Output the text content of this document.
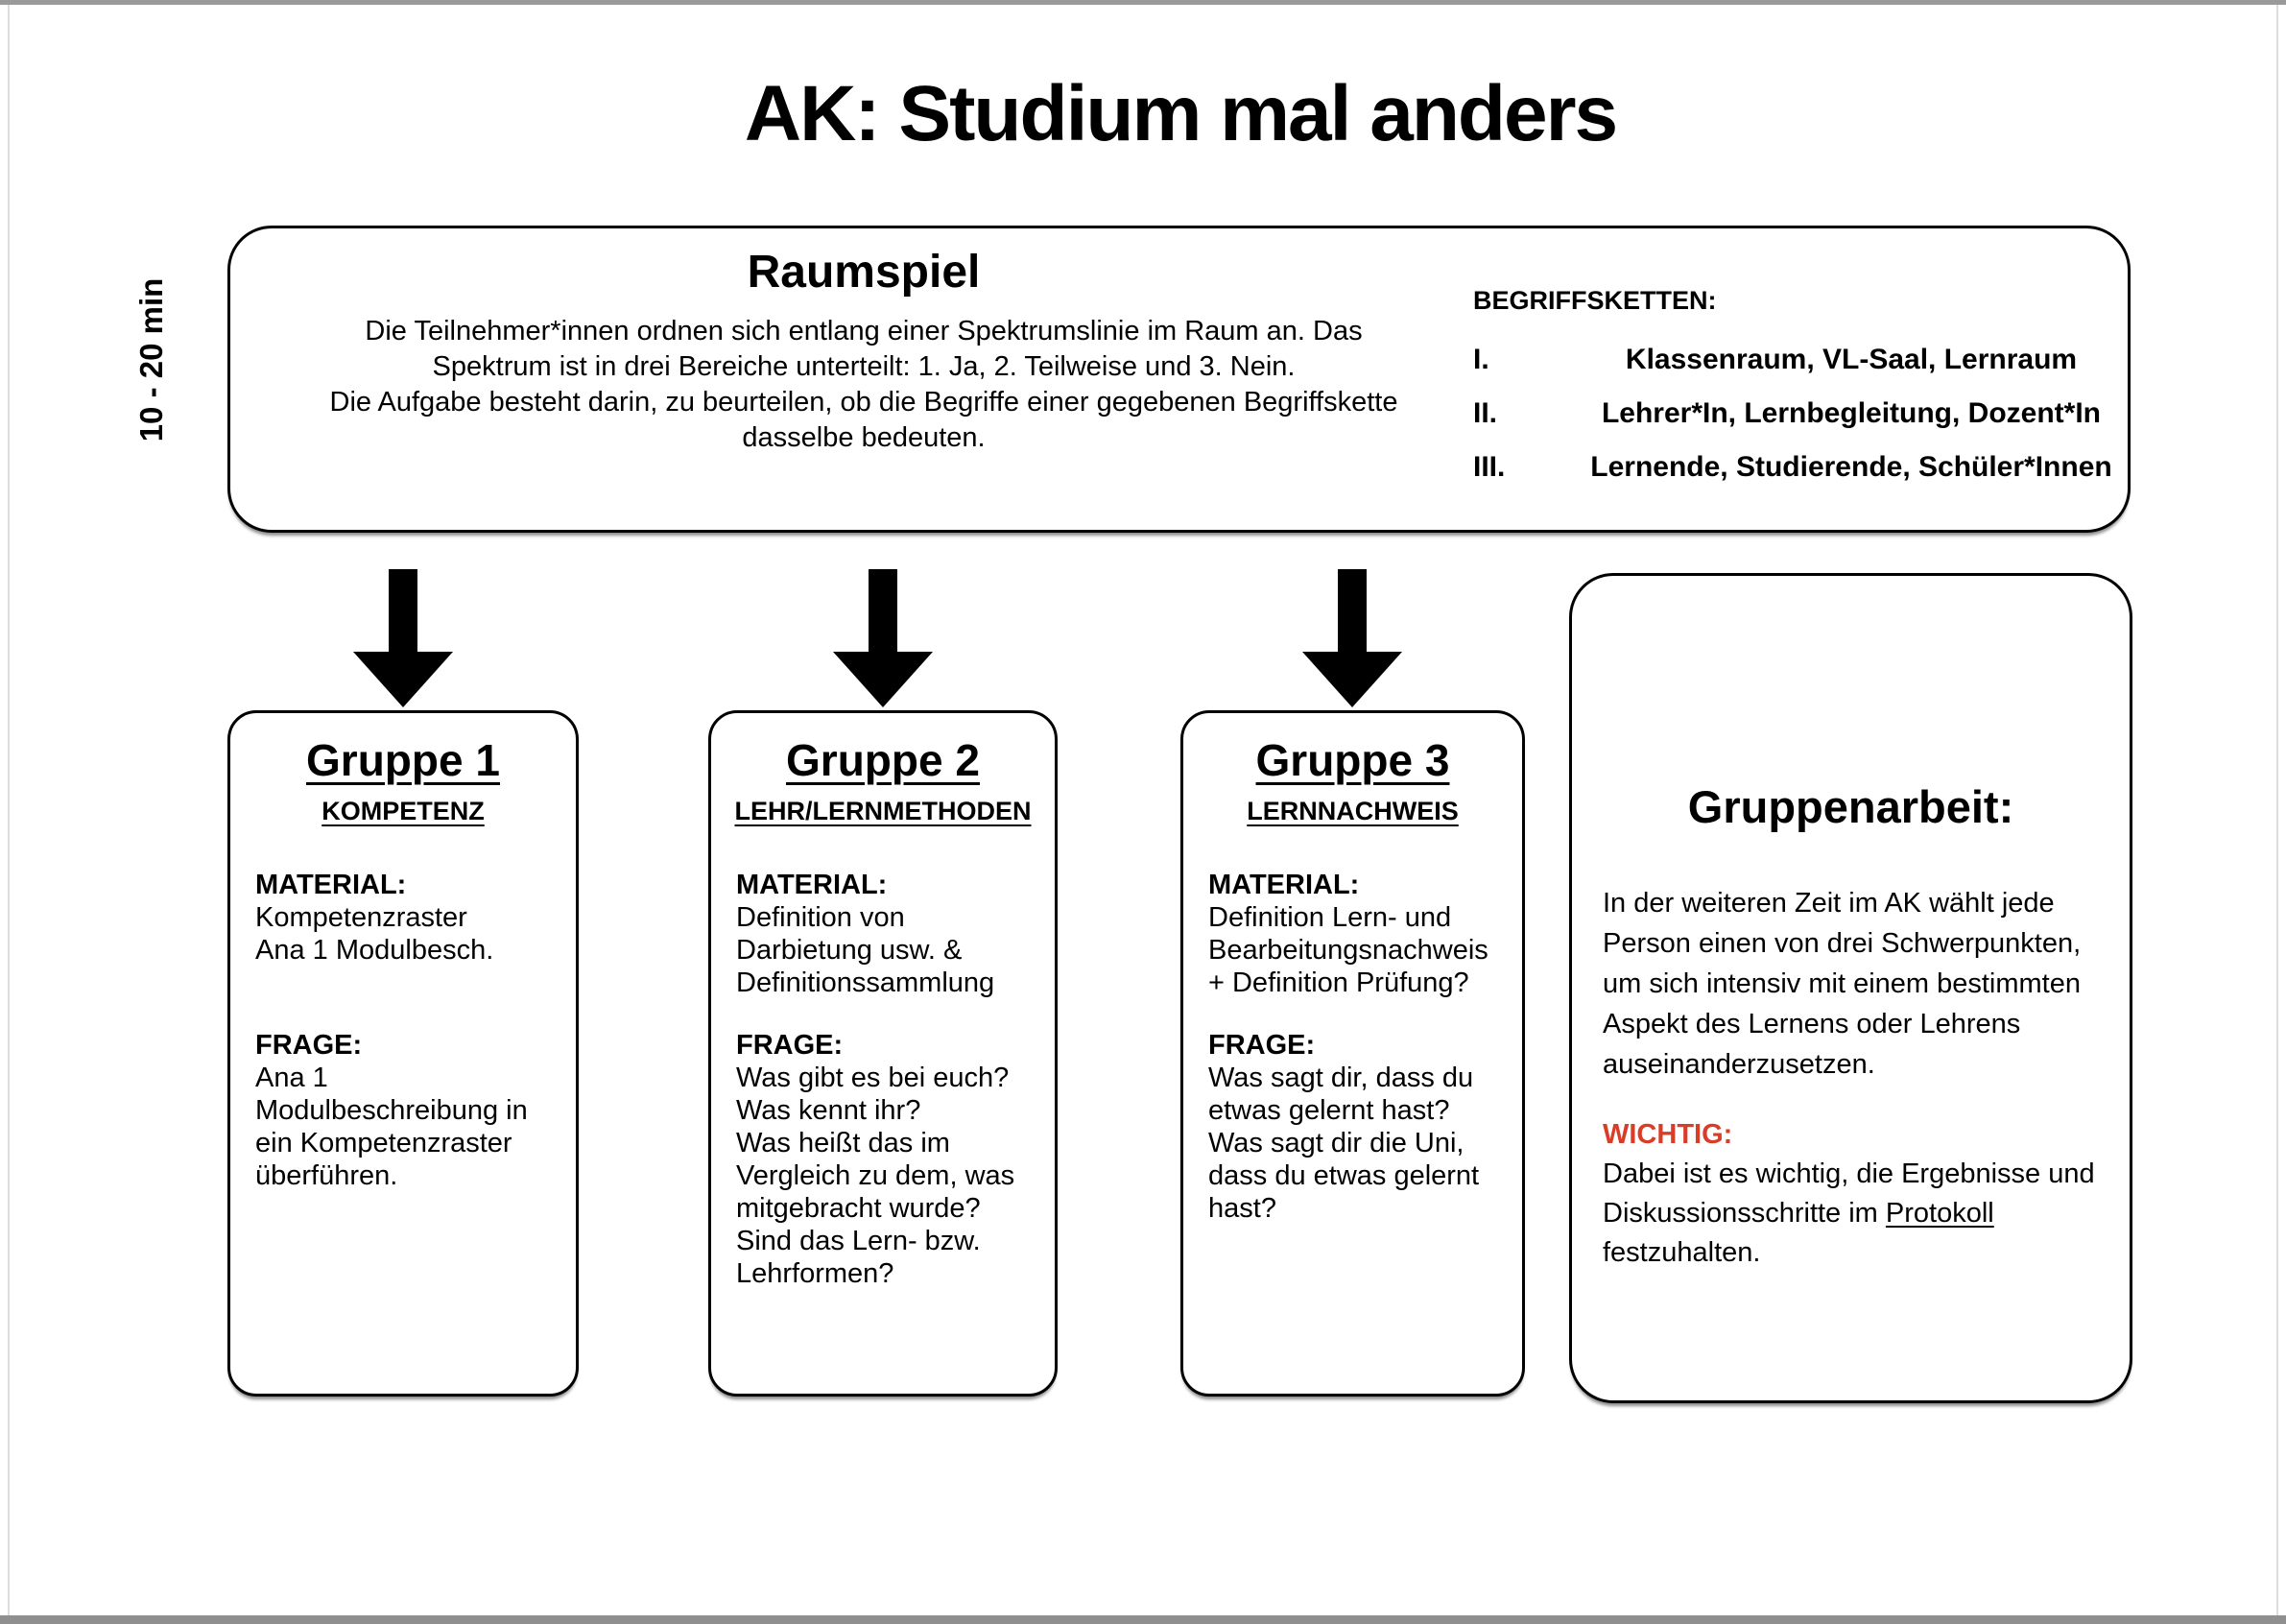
AK: Studium mal anders
10 - 20 min
Raumspiel
Die Teilnehmer*innen ordnen sich entlang einer Spektrumslinie im Raum an. Das
Spektrum ist in drei Bereiche unterteilt: 1. Ja, 2. Teilweise und 3. Nein.
Die Aufgabe besteht darin, zu beurteilen, ob die Begriffe einer gegebenen Begriffskette
dasselbe bedeuten.
BEGRIFFSKETTEN:
I.	Klassenraum, VL-Saal, Lernraum
II.	Lehrer*In, Lernbegleitung, Dozent*In
III.	Lernende, Studierende, Schüler*Innen
Gruppe 1
KOMPETENZ
MATERIAL:
Kompetenzraster
Ana 1 Modulbesch.
FRAGE:
Ana 1
Modulbeschreibung in
ein Kompetenzraster
überführen.
Gruppe 2
LEHR/LERNMETHODEN
MATERIAL:
Definition von
Darbietung usw. &
Definitionssammlung
FRAGE:
Was gibt es bei euch?
Was kennt ihr?
Was heißt das im
Vergleich zu dem, was
mitgebracht wurde?
Sind das Lern- bzw.
Lehrformen?
Gruppe 3
LERNNACHWEIS
MATERIAL:
Definition Lern- und
Bearbeitungsnachweis
+ Definition Prüfung?
FRAGE:
Was sagt dir, dass du
etwas gelernt hast?
Was sagt dir die Uni,
dass du etwas gelernt
hast?
Gruppenarbeit:
In der weiteren Zeit im AK wählt jede
Person einen von drei Schwerpunkten,
um sich intensiv mit einem bestimmten
Aspekt des Lernens oder Lehrens
auseinanderzusetzen.
WICHTIG:
Dabei ist es wichtig, die Ergebnisse und
Diskussionsschritte im Protokoll
festzuhalten.
